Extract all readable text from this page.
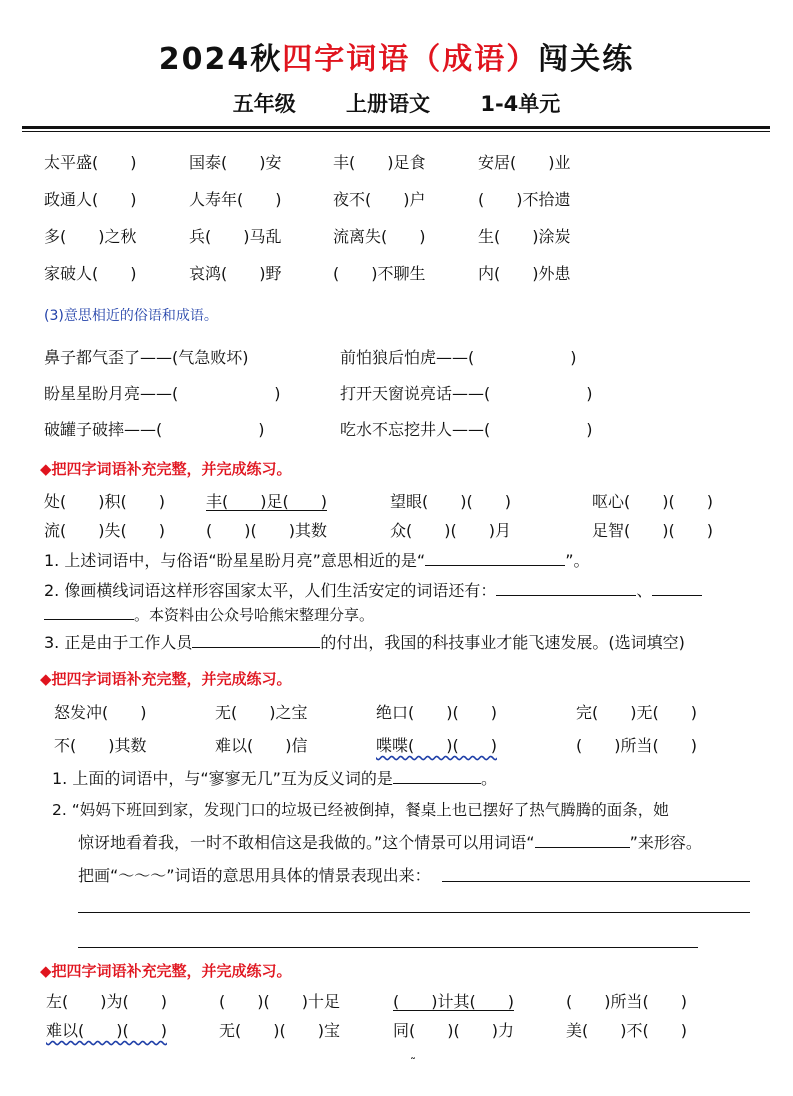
2024秋四字词语（成语）闯关练
五年级　 上册语文　 1-4单元
太平盛(　　)	国泰(　　)安	丰(　　)足食	安居(　　)业
政通人(　　)	人寿年(　　)	夜不(　　)户	(　　)不拾遗
多(　　)之秋	兵(　　)马乱	流离失(　　)	生(　　)涂炭
家破人(　　)	哀鸿(　　)野	(　　)不聊生	内(　　)外患
(3)意思相近的俗语和成语。
鼻子都气歪了——(气急败坏)	前怕狼后怕虎——(　　　　　　)
盼星星盼月亮——(　　　　　　)	打开天窗说亮话——(　　　　　　)
破罐子破摔——(　　　　　　)	吃水不忘挖井人——(　　　　　　)
◆把四字词语补充完整，并完成练习。
处(　　)积(　　)	丰(　　)足(　　)	望眼(　　)(　　)	呕心(　　)(　　)
流(　　)失(　　)	(　　)(　　)其数	众(　　)(　　)月	足智(　　)(　　)
1. 上述词语中，与俗语“盼星星盼月亮”意思相近的是“	”。
2. 像画横线词语这样形容国家太平，人们生活安定的词语还有：	、
。本资料由公众号哈熊宋整理分享。
3. 正是由于工作人员	的付出，我国的科技事业才能飞速发展。(选词填空)
◆把四字词语补充完整，并完成练习。
怒发冲(　　)	无(　　)之宝	绝口(　　)(　　)	完(　　)无(　　)
不(　　)其数	难以(　　)信	喋喋(　　)(　　)	(　　)所当(　　)
1. 上面的词语中，与“寥寥无几”互为反义词的是	。
2. “妈妈下班回到家，发现门口的垃圾已经被倒掉，餐桌上也已摆好了热气腾腾的面条，她
惊讶地看着我，一时不敢相信这是我做的。”这个情景可以用词语“	”来形容。
把画“～～～”词语的意思用具体的情景表现出来：
◆把四字词语补充完整，并完成练习。
左(　　)为(　　)	(　　)(　　)十足	(　　)计其(　　)	(　　)所当(　　)
难以(　　)(　　)	无(　　)(　　)宝	同(　　)(　　)力	美(　　)不(　　)
˜
